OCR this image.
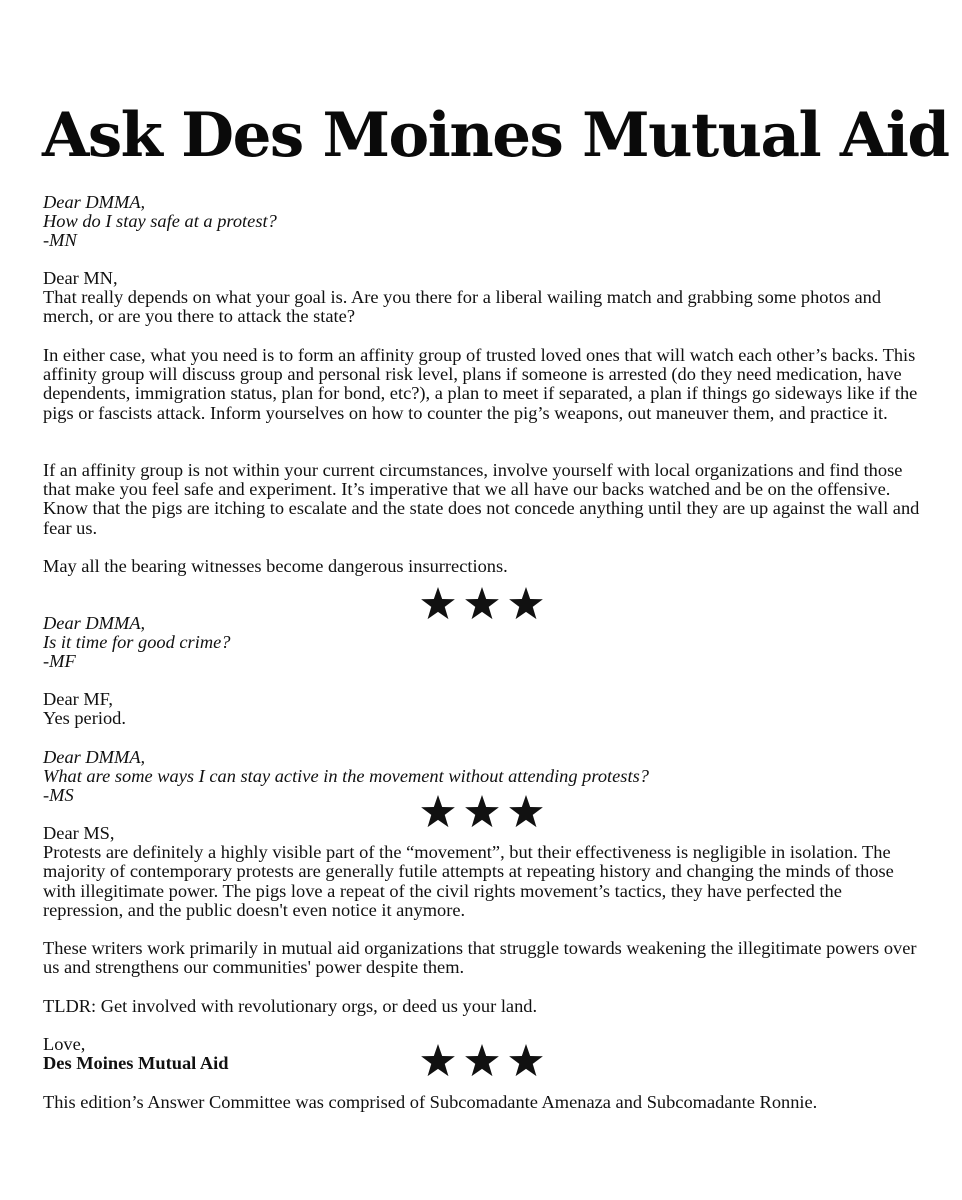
Ask Des Moines Mutual Aid

Dear DMMA,

How do I stay safe at a protest?

-MN

Dear MN,

That really depends on what your goal is. Are you there for a liberal wailing match and grabbing some photos and merch, or are you there to attack the state?

In either case, what you need is to form an affinity group of trusted loved ones that will watch each other’s backs. This affinity group will discuss group and personal risk level, plans if someone is arrested (do they need medication, have dependents, immigration status, plan for bond, etc?), a plan to meet if separated, a plan if things go sideways like if the pigs or fascists attack. Inform yourselves on how to counter the pig’s weapons, out maneuver them, and practice it.

If an affinity group is not within your current circumstances, involve yourself with local organizations and find those that make you feel safe and experiment. It’s imperative that we all have our backs watched and be on the offensive. Know that the pigs are itching to escalate and the state does not concede anything until they are up against the wall and fear us.

May all the bearing witnesses become dangerous insurrections.

Dear DMMA,

Is it time for good crime?

-MF

Dear MF,

Yes period.

Dear DMMA,

What are some ways I can stay active in the movement without attending protests?

-MS

Dear MS,

Protests are definitely a highly visible part of the “movement”, but their effectiveness is negligible in isolation. The majority of contemporary protests are generally futile attempts at repeating history and changing the minds of those with illegitimate power. The pigs love a repeat of the civil rights movement’s tactics, they have perfected the repression, and the public doesn't even notice it anymore.

These writers work primarily in mutual aid organizations that struggle towards weakening the illegitimate powers over us and strengthens our communities' power despite them.

TLDR: Get involved with revolutionary orgs, or deed us your land.

Love,

Des Moines Mutual Aid

This edition’s Answer Committee was comprised of Subcomadante Amenaza and Subcomadante Ronnie.
